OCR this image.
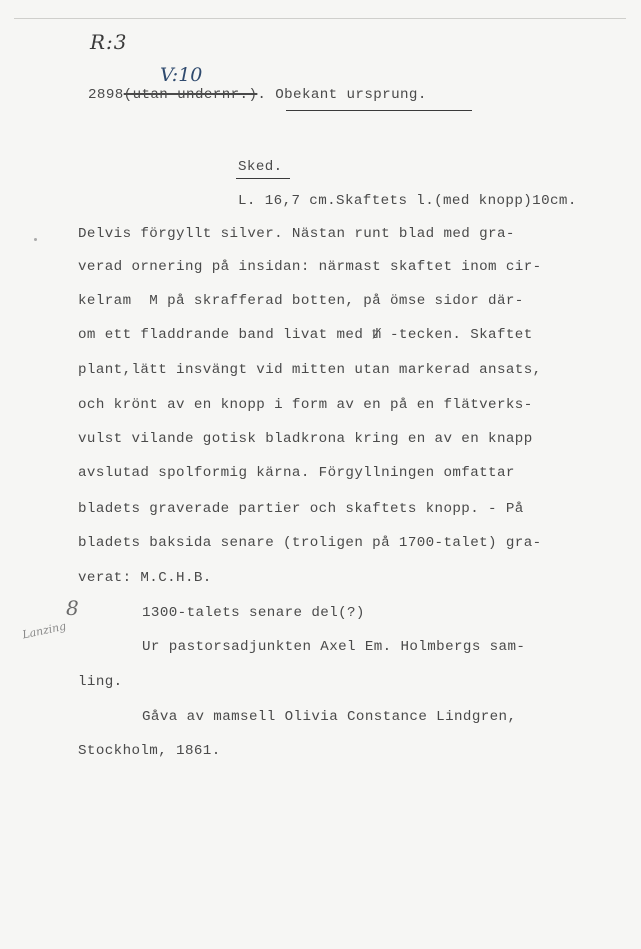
R:3
V:10
2898(utan undernr.). Obekant ursprung.
Sked.
L. 16,7 cm.Skaftets l.(med knopp)10cm.
Delvis förgyllt silver. Nästan runt blad med gra-
verad ornering på insidan: närmast skaftet inom cir-
kelram  M på skrafferad botten, på ömse sidor där-
om ett fladdrande band livat med ᵺ -tecken. Skaftet
plant,lätt insvängt vid mitten utan markerad ansats,
och krönt av en knopp i form av en på en flätverks-
vulst vilande gotisk bladkrona kring en av en knapp
avslutad spolformig kärna. Förgyllningen omfattar
bladets graverade partier och skaftets knopp. - På
bladets baksida senare (troligen på 1700-talet) gra-
verat: M.C.H.B.
8
Lanzing
1300-talets senare del(?)
Ur pastorsadjunkten Axel Em. Holmbergs sam-
ling.
Gåva av mamsell Olivia Constance Lindgren,
Stockholm, 1861.
